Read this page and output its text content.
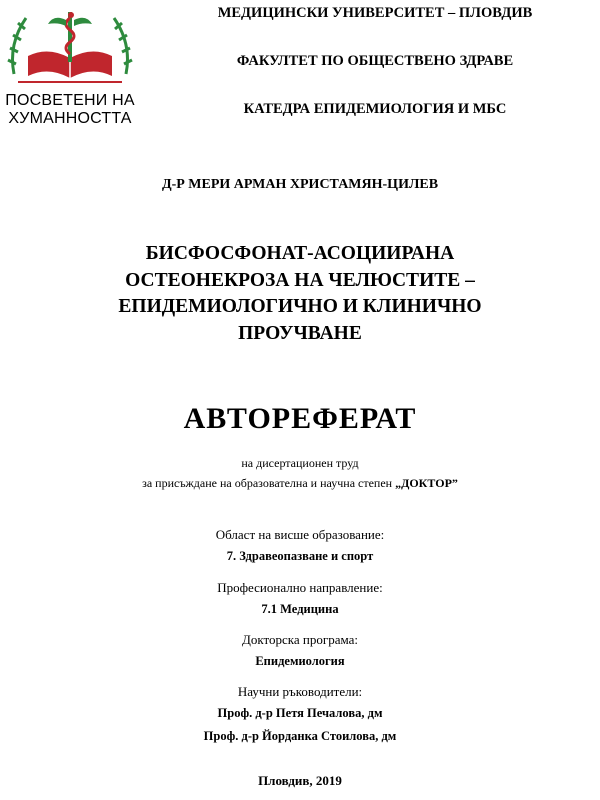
ПОСВЕТЕНИ НА
ХУМАННОСТТА
МЕДИЦИНСКИ УНИВЕРСИТЕТ – ПЛОВДИВ
ФАКУЛТЕТ ПО ОБЩЕСТВЕНО ЗДРАВЕ
КАТЕДРА ЕПИДЕМИОЛОГИЯ И МБС
Д-Р МЕРИ АРМАН ХРИСТАМЯН-ЦИЛЕВ
БИСФОСФОНАТ-АСОЦИИРАНА
ОСТЕОНЕКРОЗА НА ЧЕЛЮСТИТЕ –
ЕПИДЕМИОЛОГИЧНО И КЛИНИЧНО
ПРОУЧВАНЕ
АВТОРЕФЕРАТ
на дисертационен труд
за присъждане на образователна и научна степен „ДОКТОР”
Област на висше образование:
7. Здравеопазване и спорт
Професионално направление:
7.1 Медицина
Докторска програма:
Епидемиология
Научни ръководители:
Проф. д-р Петя Печалова, дм
Проф. д-р Йорданка Стоилова, дм
Пловдив, 2019
